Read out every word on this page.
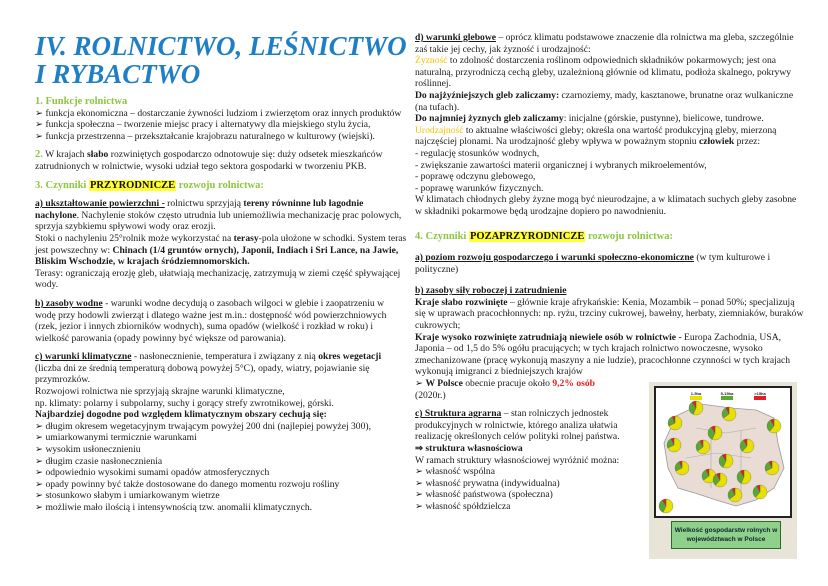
IV. ROLNICTWO, LEŚNICTWO I RYBACTWO
1. Funkcje rolnictwa
➢ funkcja ekonomiczna – dostarczanie żywności ludziom i zwierzętom oraz innych produktów
➢ funkcja społeczna – tworzenie miejsc pracy i alternatywy dla miejskiego stylu życia,
➢ funkcja przestrzenna – przekształcanie krajobrazu naturalnego w kulturowy (wiejski).
2. W krajach słabo rozwiniętych gospodarczo odnotowuje się: duży odsetek mieszkańców zatrudnionych w rolnictwie, wysoki udział tego sektora gospodarki w tworzeniu PKB.
3. Czynniki PRZYRODNICZE rozwoju rolnictwa:
a) ukształtowanie powierzchni - rolnictwu sprzyjają tereny równinne lub łagodnie nachylone. Nachylenie stoków często utrudnia lub uniemożliwia mechanizację prac polowych, sprzyja szybkiemu spływowi wody oraz erozji.
Stoki o nachyleniu 25°rolnik może wykorzystać na terasy-pola ułożone w schodki. System teras jest powszechny w: Chinach (1/4 gruntów ornych), Japonii, Indiach i Sri Lance, na Jawie, Bliskim Wschodzie, w krajach śródziemnomorskich.
Terasy: ograniczają erozję gleb, ułatwiają mechanizację, zatrzymują w ziemi część spływającej wody.
b) zasoby wodne - warunki wodne decydują o zasobach wilgoci w glebie i zaopatrzeniu w wodę przy hodowli zwierząt i dlatego ważne jest m.in.: dostępność wód powierzchniowych (rzek, jezior i innych zbiorników wodnych), suma opadów (wielkość i rozkład w roku) i wielkość parowania (opady powinny być większe od parowania).
c) warunki klimatyczne - nasłonecznienie, temperatura i związany z nią okres wegetacji (liczba dni ze średnią temperaturą dobową powyżej 5°C), opady, wiatry, pojawianie się przymrozków.
Rozwojowi rolnictwa nie sprzyjają skrajne warunki klimatyczne,
np. klimaty: polarny i subpolarny, suchy i gorący strefy zwrotnikowej, górski.
Najbardziej dogodne pod względem klimatycznym obszary cechują się:
➢ długim okresem wegetacyjnym trwającym powyżej 200 dni (najlepiej powyżej 300),
➢ umiarkowanymi termicznie warunkami
➢ wysokim usłonecznieniu
➢ długim czasie nasłonecznienia
➢ odpowiednio wysokimi sumami opadów atmosferycznych
➢ opady powinny być także dostosowane do danego momentu rozwoju rośliny
➢ stosunkowo słabym i umiarkowanym wietrze
➢ możliwie mało ilością i intensywnością tzw. anomalii klimatycznych.
d) warunki glebowe – oprócz klimatu podstawowe znaczenie dla rolnictwa ma gleba, szczególnie zaś takie jej cechy, jak żyzność i urodzajność:
Żyzność to zdolność dostarczenia roślinom odpowiednich składników pokarmowych; jest ona naturalną, przyrodniczą cechą gleby, uzależnioną głównie od klimatu, podłoża skalnego, pokrywy roślinnej.
Do najżyźniejszych gleb zaliczamy: czarnoziemy, mady, kasztanowe, brunatne oraz wulkaniczne (na tufach).
Do najmniej żyznych gleb zaliczamy: inicjalne (górskie, pustynne), bielicowe, tundrowe.
Urodzajność to aktualne właściwości gleby; określa ona wartość produkcyjną gleby, mierzoną najczęściej plonami. Na urodzajność gleby wpływa w poważnym stopniu człowiek przez:
- regulację stosunków wodnych,
- zwiększanie zawartości materii organicznej i wybranych mikroelementów,
- poprawę odczynu glebowego,
- poprawę warunków fizycznych.
W klimatach chłodnych gleby żyzne mogą być nieurodzajne, a w klimatach suchych gleby zasobne w składniki pokarmowe będą urodzajne dopiero po nawodnieniu.
4. Czynniki POZAPRZYRODNICZE rozwoju rolnictwa:
a) poziom rozwoju gospodarczego i warunki społeczno-ekonomiczne (w tym kulturowe i polityczne)
b) zasoby siły roboczej i zatrudnienie
Kraje słabo rozwinięte – głównie kraje afrykańskie: Kenia, Mozambik – ponad 50%; specjalizują się w uprawach pracochłonnych: np. ryżu, trzciny cukrowej, bawełny, herbaty, ziemniaków, buraków cukrowych;
Kraje wysoko rozwinięte zatrudniają niewiele osób w rolnictwie - Europa Zachodnia, USA, Japonia – od 1,5 do 5% ogółu pracujących; w tych krajach rolnictwo nowoczesne, wysoko zmechanizowane (pracę wykonują maszyny a nie ludzie), pracochłonne czynności w tych krajach wykonują imigranci z biedniejszych krajów
➢ W Polsce obecnie pracuje około 9,2% osób
(2020r.)
c) Struktura agrarna – stan rolniczych jednostek produkcyjnych w rolnictwie, którego analiza ułatwia realizację określonych celów polityki rolnej państwa.
⇒ struktura własnościowa
W ramach struktury własnościowej wyróżnić można:
➢ własność wspólna
➢ własność prywatna (indywidualna)
➢ własność państwowa (społeczna)
➢ własność spółdzielcza
1-5ha	5-15ha	>15ha
Wielkość gospodarstw rolnych w województwach w Polsce
